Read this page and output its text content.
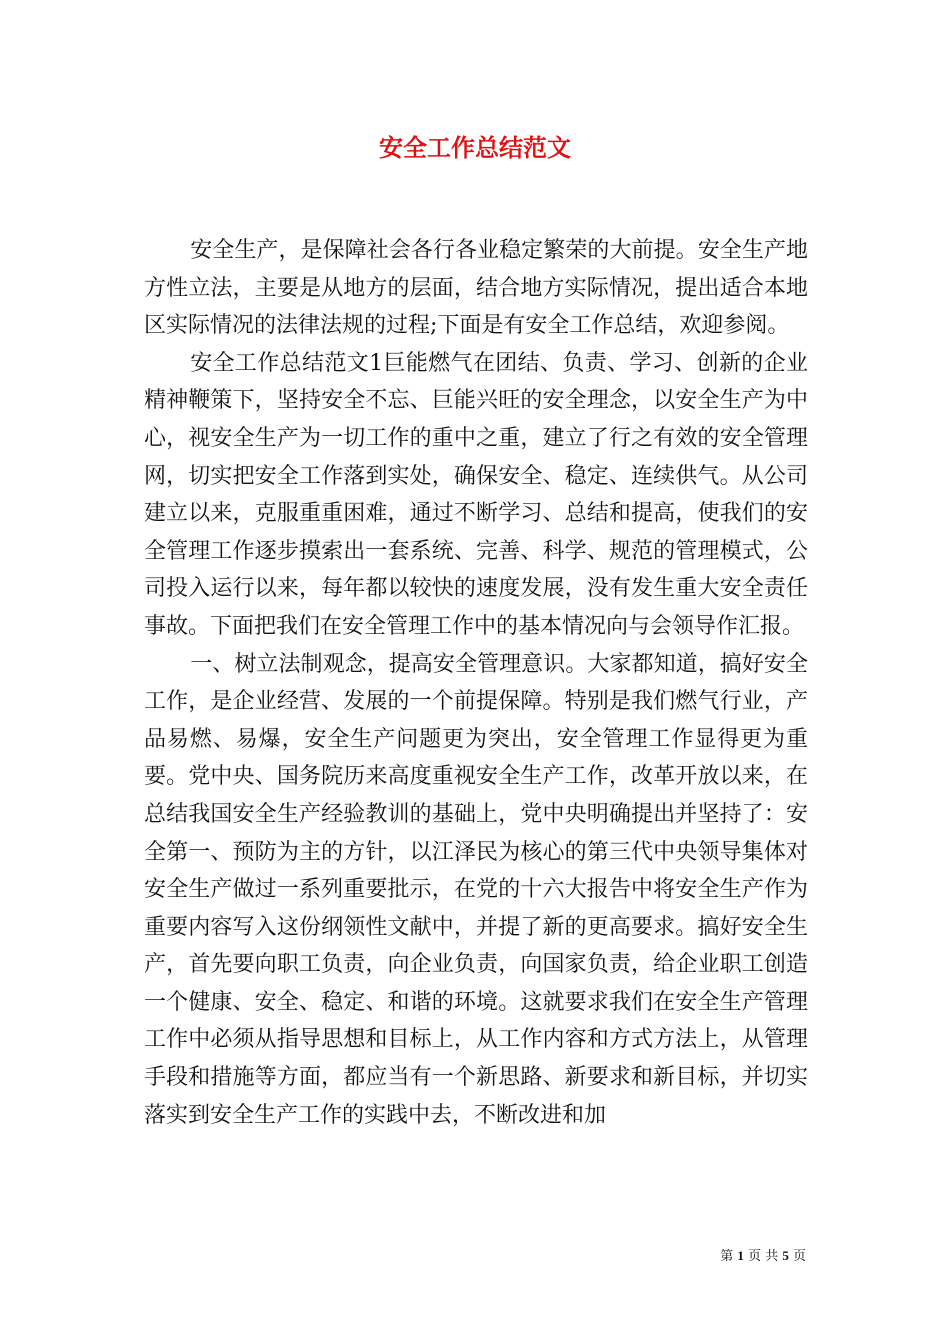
安全工作总结范文

安全生产，是保障社会各行各业稳定繁荣的大前提。安全生产地方性立法，主要是从地方的层面，结合地方实际情况，提出适合本地区实际情况的法律法规的过程;下面是有安全工作总结，欢迎参阅。

安全工作总结范文1巨能燃气在团结、负责、学习、创新的企业精神鞭策下，坚持安全不忘、巨能兴旺的安全理念，以安全生产为中心，视安全生产为一切工作的重中之重，建立了行之有效的安全管理网，切实把安全工作落到实处，确保安全、稳定、连续供气。从公司建立以来，克服重重困难，通过不断学习、总结和提高，使我们的安全管理工作逐步摸索出一套系统、完善、科学、规范的管理模式，公司投入运行以来，每年都以较快的速度发展，没有发生重大安全责任事故。下面把我们在安全管理工作中的基本情况向与会领导作汇报。

一、树立法制观念，提高安全管理意识。大家都知道，搞好安全工作，是企业经营、发展的一个前提保障。特别是我们燃气行业，产品易燃、易爆，安全生产问题更为突出，安全管理工作显得更为重要。党中央、国务院历来高度重视安全生产工作，改革开放以来，在总结我国安全生产经验教训的基础上，党中央明确提出并坚持了：安全第一、预防为主的方针，以江泽民为核心的第三代中央领导集体对安全生产做过一系列重要批示，在党的十六大报告中将安全生产作为重要内容写入这份纲领性文献中，并提了新的更高要求。搞好安全生产，首先要向职工负责，向企业负责，向国家负责，给企业职工创造一个健康、安全、稳定、和谐的环境。这就要求我们在安全生产管理工作中必须从指导思想和目标上，从工作内容和方式方法上，从管理手段和措施等方面，都应当有一个新思路、新要求和新目标，并切实落实到安全生产工作的实践中去，不断改进和加

第 1 页 共 5 页
